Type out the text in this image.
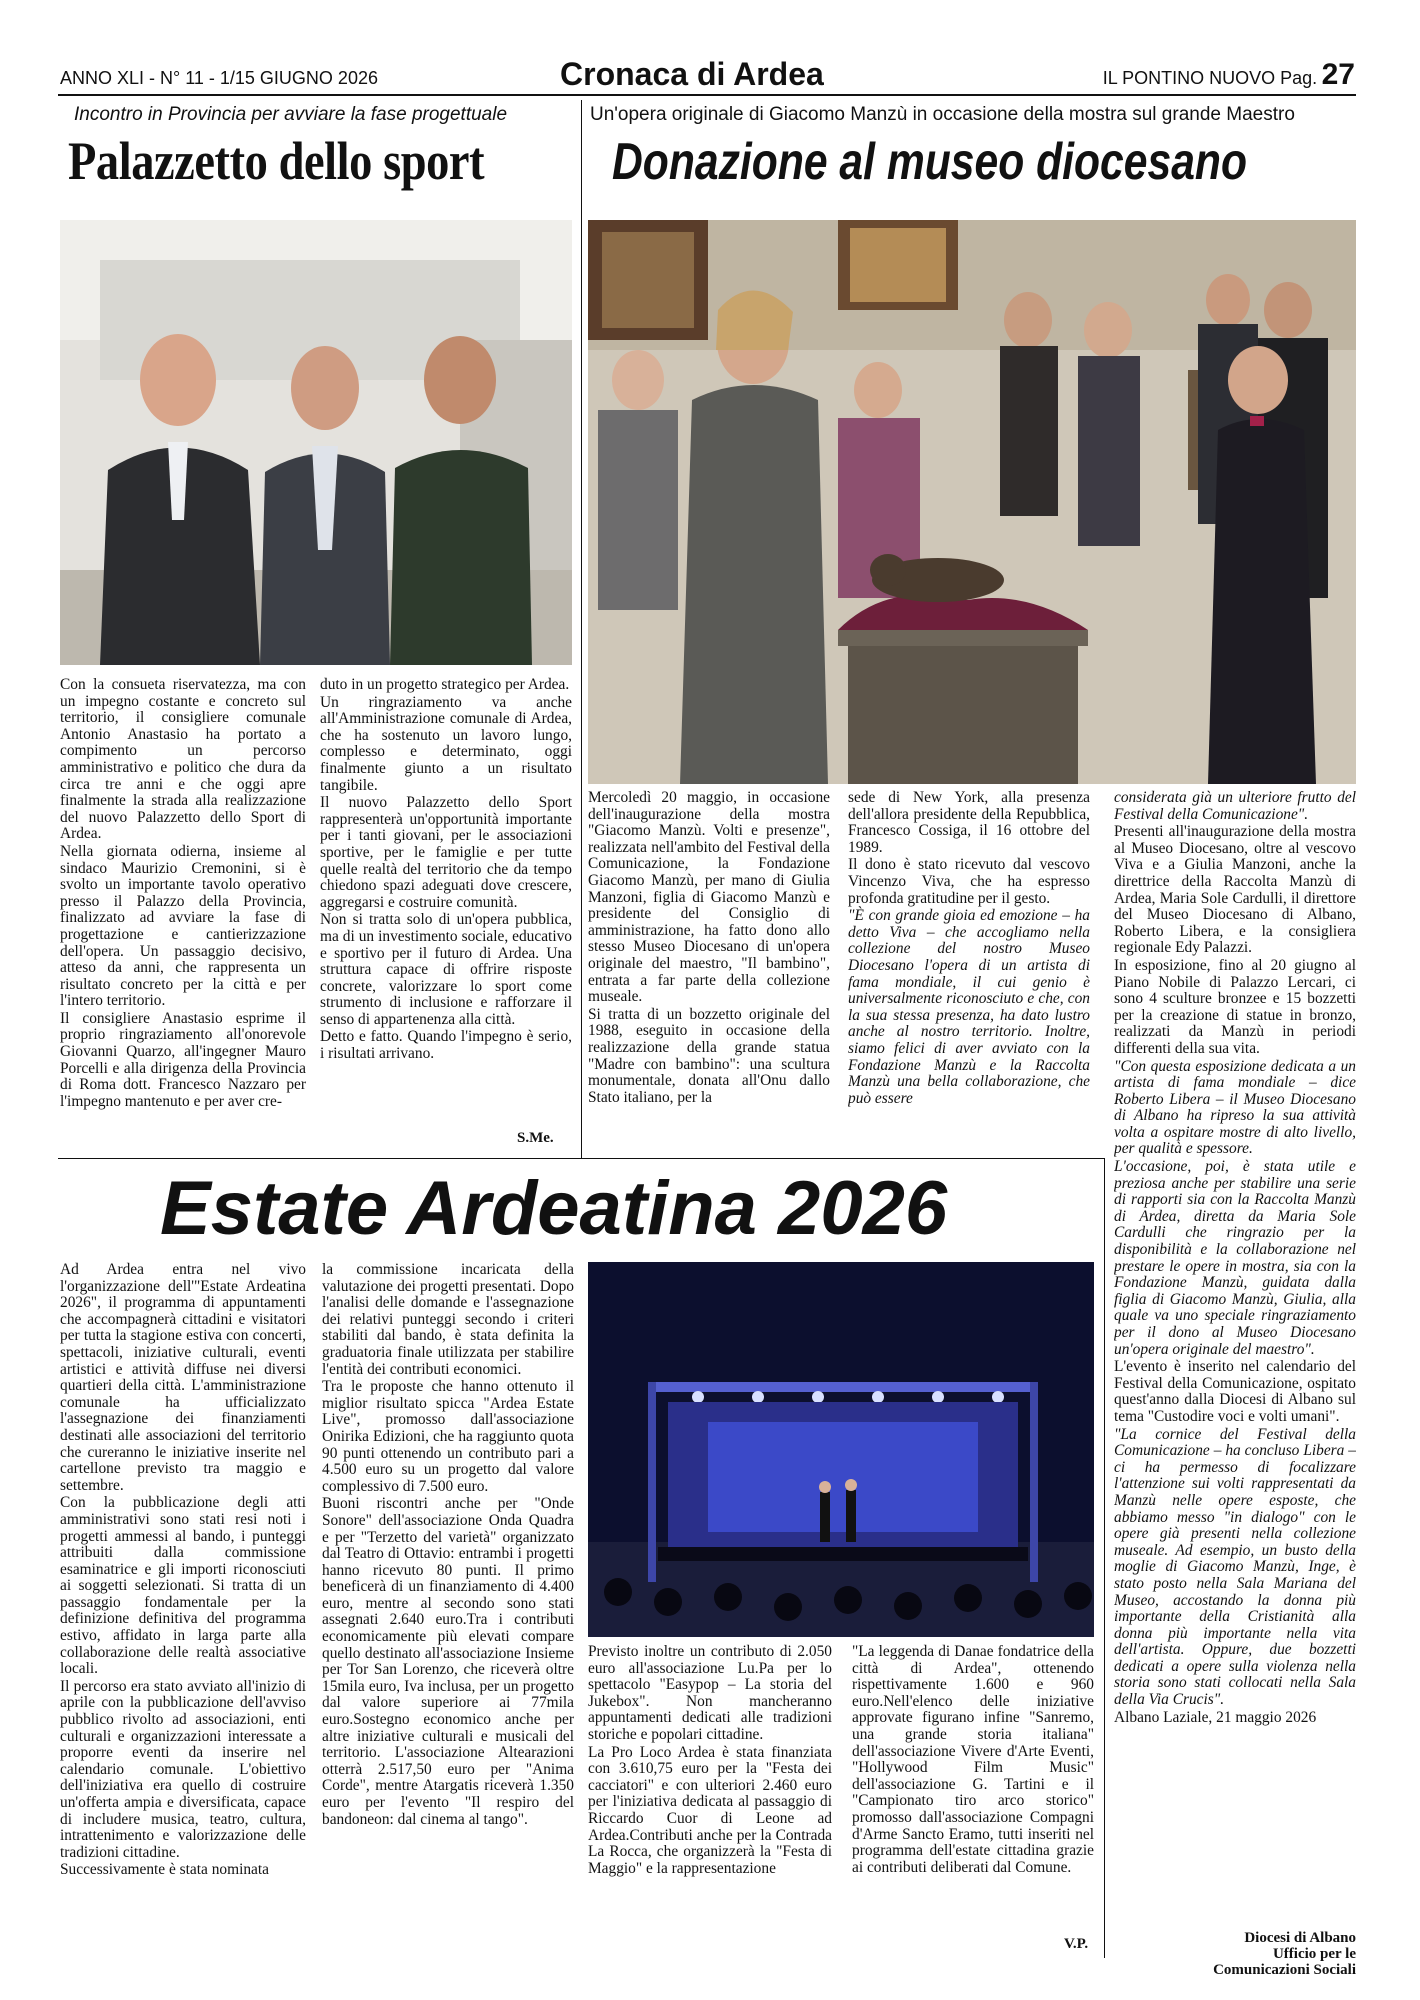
ANNO XLI - N° 11 - 1/15 GIUGNO 2026	Cronaca di Ardea	IL PONTINO NUOVO Pag. 27
Incontro in Provincia per avviare la fase progettuale
Palazzetto dello sport

Con la consueta riservatezza, ma con un impegno costante e concreto sul territorio, il consigliere comunale Antonio Anastasio ha portato a compimento un percorso amministrativo e politico che dura da circa tre anni e che oggi apre finalmente la strada alla realizzazione del nuovo Palazzetto dello Sport di Ardea.

Nella giornata odierna, insieme al sindaco Maurizio Cremonini, si è svolto un importante tavolo operativo presso il Palazzo della Provincia, finalizzato ad avviare la fase di progettazione e cantierizzazione dell'opera. Un passaggio decisivo, atteso da anni, che rappresenta un risultato concreto per la città e per l'intero territorio.

Il consigliere Anastasio esprime il proprio ringraziamento all'onorevole Giovanni Quarzo, all'ingegner Mauro Porcelli e alla dirigenza della Provincia di Roma dott. Francesco Nazzaro per l'impegno mantenuto e per aver cre-

duto in un progetto strategico per Ardea.

Un ringraziamento va anche all'Amministrazione comunale di Ardea, che ha sostenuto un lavoro lungo, complesso e determinato, oggi finalmente giunto a un risultato tangibile.

Il nuovo Palazzetto dello Sport rappresenterà un'opportunità importante per i tanti giovani, per le associazioni sportive, per le famiglie e per tutte quelle realtà del territorio che da tempo chiedono spazi adeguati dove crescere, aggregarsi e costruire comunità.

Non si tratta solo di un'opera pubblica, ma di un investimento sociale, educativo e sportivo per il futuro di Ardea. Una struttura capace di offrire risposte concrete, valorizzare lo sport come strumento di inclusione e rafforzare il senso di appartenenza alla città.

Detto e fatto. Quando l'impegno è serio, i risultati arrivano.

S.Me.
Un'opera originale di Giacomo Manzù in occasione della mostra sul grande Maestro
Donazione al museo diocesano

Mercoledì 20 maggio, in occasione dell'inaugurazione della mostra "Giacomo Manzù. Volti e presenze", realizzata nell'ambito del Festival della Comunicazione, la Fondazione Giacomo Manzù, per mano di Giulia Manzoni, figlia di Giacomo Manzù e presidente del Consiglio di amministrazione, ha fatto dono allo stesso Museo Diocesano di un'opera originale del maestro, "Il bambino", entrata a far parte della collezione museale.

Si tratta di un bozzetto originale del 1988, eseguito in occasione della realizzazione della grande statua "Madre con bambino": una scultura monumentale, donata all'Onu dallo Stato italiano, per la

sede di New York, alla presenza dell'allora presidente della Repubblica, Francesco Cossiga, il 16 ottobre del 1989.

Il dono è stato ricevuto dal vescovo Vincenzo Viva, che ha espresso profonda gratitudine per il gesto.

"È con grande gioia ed emozione – ha detto Viva – che accogliamo nella collezione del nostro Museo Diocesano l'opera di un artista di fama mondiale, il cui genio è universalmente riconosciuto e che, con la sua stessa presenza, ha dato lustro anche al nostro territorio. Inoltre, siamo felici di aver avviato con la Fondazione Manzù e la Raccolta Manzù una bella collaborazione, che può essere

considerata già un ulteriore frutto del Festival della Comunicazione".

Presenti all'inaugurazione della mostra al Museo Diocesano, oltre al vescovo Viva e a Giulia Manzoni, anche la direttrice della Raccolta Manzù di Ardea, Maria Sole Cardulli, il direttore del Museo Diocesano di Albano, Roberto Libera, e la consigliera regionale Edy Palazzi.

In esposizione, fino al 20 giugno al Piano Nobile di Palazzo Lercari, ci sono 4 sculture bronzee e 15 bozzetti per la creazione di statue in bronzo, realizzati da Manzù in periodi differenti della sua vita.

"Con questa esposizione dedicata a un artista di fama mondiale – dice Roberto Libera – il Museo Diocesano di Albano ha ripreso la sua attività volta a ospitare mostre di alto livello, per qualità e spessore.

L'occasione, poi, è stata utile e preziosa anche per stabilire una serie di rapporti sia con la Raccolta Manzù di Ardea, diretta da Maria Sole Cardulli che ringrazio per la disponibilità e la collaborazione nel prestare le opere in mostra, sia con la Fondazione Manzù, guidata dalla figlia di Giacomo Manzù, Giulia, alla quale va uno speciale ringraziamento per il dono al Museo Diocesano un'opera originale del maestro".

L'evento è inserito nel calendario del Festival della Comunicazione, ospitato quest'anno dalla Diocesi di Albano sul tema "Custodire voci e volti umani".

"La cornice del Festival della Comunicazione – ha concluso Libera – ci ha permesso di focalizzare l'attenzione sui volti rappresentati da Manzù nelle opere esposte, che abbiamo messo "in dialogo" con le opere già presenti nella collezione museale. Ad esempio, un busto della moglie di Giacomo Manzù, Inge, è stato posto nella Sala Mariana del Museo, accostando la donna più importante della Cristianità alla donna più importante nella vita dell'artista. Oppure, due bozzetti dedicati a opere sulla violenza nella storia sono stati collocati nella Sala della Via Crucis".

Albano Laziale, 21 maggio 2026

Diocesi di Albano
Ufficio per le
Comunicazioni Sociali
Estate Ardeatina 2026

Ad Ardea entra nel vivo l'organizzazione dell'"Estate Ardeatina 2026", il programma di appuntamenti che accompagnerà cittadini e visitatori per tutta la stagione estiva con concerti, spettacoli, iniziative culturali, eventi artistici e attività diffuse nei diversi quartieri della città. L'amministrazione comunale ha ufficializzato l'assegnazione dei finanziamenti destinati alle associazioni del territorio che cureranno le iniziative inserite nel cartellone previsto tra maggio e settembre.

Con la pubblicazione degli atti amministrativi sono stati resi noti i progetti ammessi al bando, i punteggi attribuiti dalla commissione esaminatrice e gli importi riconosciuti ai soggetti selezionati. Si tratta di un passaggio fondamentale per la definizione definitiva del programma estivo, affidato in larga parte alla collaborazione delle realtà associative locali.

Il percorso era stato avviato all'inizio di aprile con la pubblicazione dell'avviso pubblico rivolto ad associazioni, enti culturali e organizzazioni interessate a proporre eventi da inserire nel calendario comunale. L'obiettivo dell'iniziativa era quello di costruire un'offerta ampia e diversificata, capace di includere musica, teatro, cultura, intrattenimento e valorizzazione delle tradizioni cittadine.

Successivamente è stata nominata

la commissione incaricata della valutazione dei progetti presentati. Dopo l'analisi delle domande e l'assegnazione dei relativi punteggi secondo i criteri stabiliti dal bando, è stata definita la graduatoria finale utilizzata per stabilire l'entità dei contributi economici.

Tra le proposte che hanno ottenuto il miglior risultato spicca "Ardea Estate Live", promosso dall'associazione Onirika Edizioni, che ha raggiunto quota 90 punti ottenendo un contributo pari a 4.500 euro su un progetto dal valore complessivo di 7.500 euro.

Buoni riscontri anche per "Onde Sonore" dell'associazione Onda Quadra e per "Terzetto del varietà" organizzato dal Teatro di Ottavio: entrambi i progetti hanno ricevuto 80 punti. Il primo beneficerà di un finanziamento di 4.400 euro, mentre al secondo sono stati assegnati 2.640 euro.Tra i contributi economicamente più elevati compare quello destinato all'associazione Insieme per Tor San Lorenzo, che riceverà oltre 15mila euro, Iva inclusa, per un progetto dal valore superiore ai 77mila euro.Sostegno economico anche per altre iniziative culturali e musicali del territorio. L'associazione Altearazioni otterrà 2.517,50 euro per "Anima Corde", mentre Atargatis riceverà 1.350 euro per l'evento "Il respiro del bandoneon: dal cinema al tango".

Previsto inoltre un contributo di 2.050 euro all'associazione Lu.Pa per lo spettacolo "Easypop – La storia del Jukebox". Non mancheranno appuntamenti dedicati alle tradizioni storiche e popolari cittadine.

La Pro Loco Ardea è stata finanziata con 3.610,75 euro per la "Festa dei cacciatori" e con ulteriori 2.460 euro per l'iniziativa dedicata al passaggio di Riccardo Cuor di Leone ad Ardea.Contributi anche per la Contrada La Rocca, che organizzerà la "Festa di Maggio" e la rappresentazione

"La leggenda di Danae fondatrice della città di Ardea", ottenendo rispettivamente 1.600 e 960 euro.Nell'elenco delle iniziative approvate figurano infine "Sanremo, una grande storia italiana" dell'associazione Vivere d'Arte Eventi, "Hollywood Film Music" dell'associazione G. Tartini e il "Campionato tiro arco storico" promosso dall'associazione Compagni d'Arme Sancto Eramo, tutti inseriti nel programma dell'estate cittadina grazie ai contributi deliberati dal Comune.

V.P.
